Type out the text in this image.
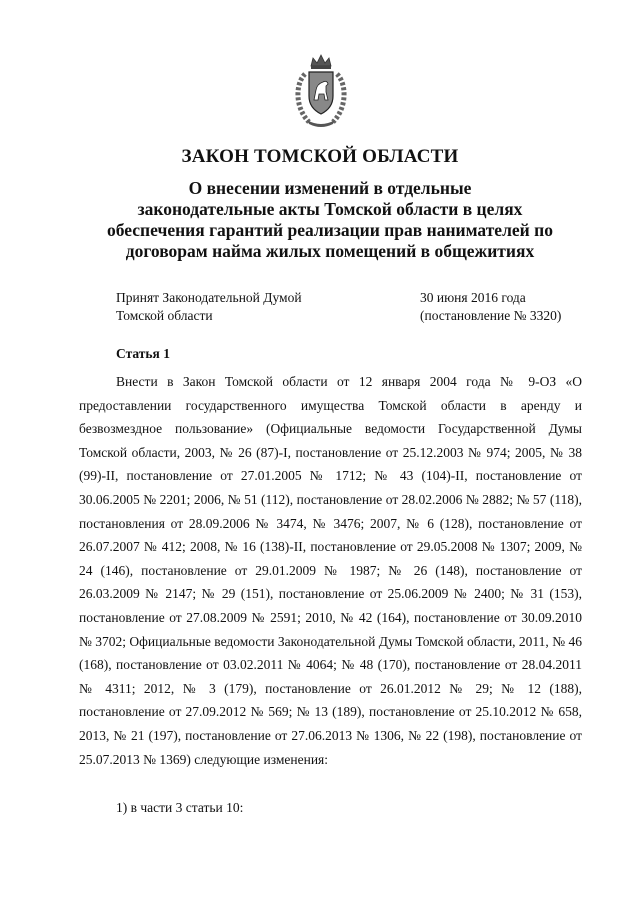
ЗАКОН ТОМСКОЙ ОБЛАСТИ
О внесении изменений в отдельные
законодательные акты Томской области в целях
обеспечения гарантий реализации прав нанимателей по
договорам найма жилых помещений в общежитиях
Принят Законодательной Думой
Томской области
30 июня 2016 года
(постановление № 3320)
Статья 1

Внести в Закон Томской области от 12 января 2004 года № 9-ОЗ «О предоставлении государственного имущества Томской области в аренду и безвозмездное пользование» (Официальные ведомости Государственной Думы Томской области, 2003, № 26 (87)-I, постановление от 25.12.2003 № 974; 2005, № 38 (99)-II, постановление от 27.01.2005 № 1712; № 43 (104)-II, постановление от 30.06.2005 № 2201; 2006, № 51 (112), постановление от 28.02.2006 № 2882; № 57 (118), постановления от 28.09.2006 № 3474, № 3476; 2007, № 6 (128), постановление от 26.07.2007 № 412; 2008, № 16 (138)-II, постановление от 29.05.2008 № 1307; 2009, № 24 (146), постановление от 29.01.2009 № 1987; № 26 (148), постановление от 26.03.2009 № 2147; № 29 (151), постановление от 25.06.2009 № 2400; № 31 (153), постановление от 27.08.2009 № 2591; 2010, № 42 (164), постановление от 30.09.2010 № 3702; Официальные ведомости Законодательной Думы Томской области, 2011, № 46 (168), постановление от 03.02.2011 № 4064; № 48 (170), постановление от 28.04.2011 № 4311; 2012, № 3 (179), постановление от 26.01.2012 № 29; № 12 (188), постановление от 27.09.2012 № 569; № 13 (189), постановление от 25.10.2012 № 658, 2013, № 21 (197), постановление от 27.06.2013 № 1306, № 22 (198), постановление от 25.07.2013 № 1369) следующие изменения:

1) в части 3 статьи 10:
